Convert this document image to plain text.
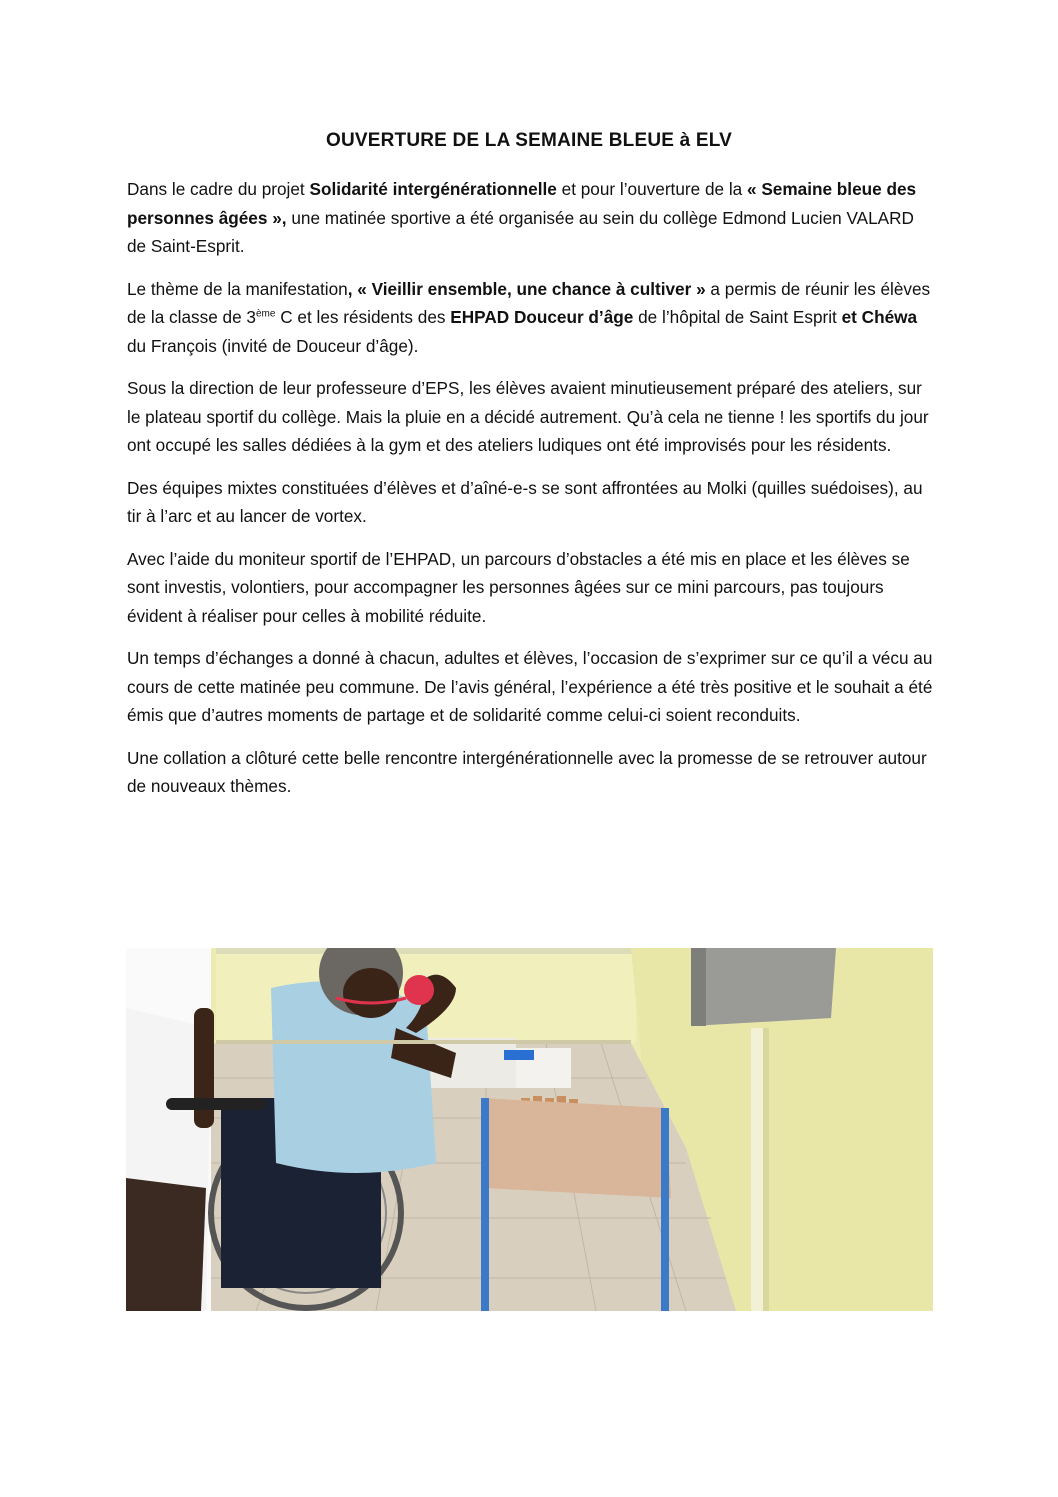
OUVERTURE DE LA SEMAINE BLEUE à ELV

Dans le cadre du projet Solidarité intergénérationnelle et pour l’ouverture de la « Semaine bleue des personnes âgées », une matinée sportive a été organisée au sein du collège Edmond Lucien VALARD de Saint-Esprit.

Le thème de la manifestation, « Vieillir ensemble, une chance à cultiver » a permis de réunir les élèves de la classe de 3ème C et les résidents des EHPAD Douceur d’âge de l’hôpital de Saint Esprit et Chéwa du François (invité de Douceur d’âge).

Sous la direction de leur professeure d’EPS, les élèves avaient minutieusement préparé des ateliers, sur le plateau sportif du collège. Mais la pluie en a décidé autrement. Qu’à cela ne tienne ! les sportifs du jour ont occupé les salles dédiées à la gym et des ateliers ludiques ont été improvisés pour les résidents.

Des équipes mixtes constituées d’élèves et d’aîné-e-s se sont affrontées au Molki (quilles suédoises), au tir à l’arc et au lancer de vortex.

Avec l’aide du moniteur sportif de l’EHPAD, un parcours d’obstacles a été mis en place et les élèves se sont investis, volontiers, pour accompagner les personnes âgées sur ce mini parcours, pas toujours évident à réaliser pour celles à mobilité réduite.

Un temps d’échanges a donné à chacun, adultes et élèves, l’occasion de s’exprimer sur ce qu’il a vécu au cours de cette matinée peu commune. De l’avis général, l’expérience a été très positive et le souhait a été émis que d’autres moments de partage et de solidarité comme celui-ci soient reconduits.

Une collation a clôturé cette belle rencontre intergénérationnelle avec la promesse de se retrouver autour de nouveaux thèmes.
